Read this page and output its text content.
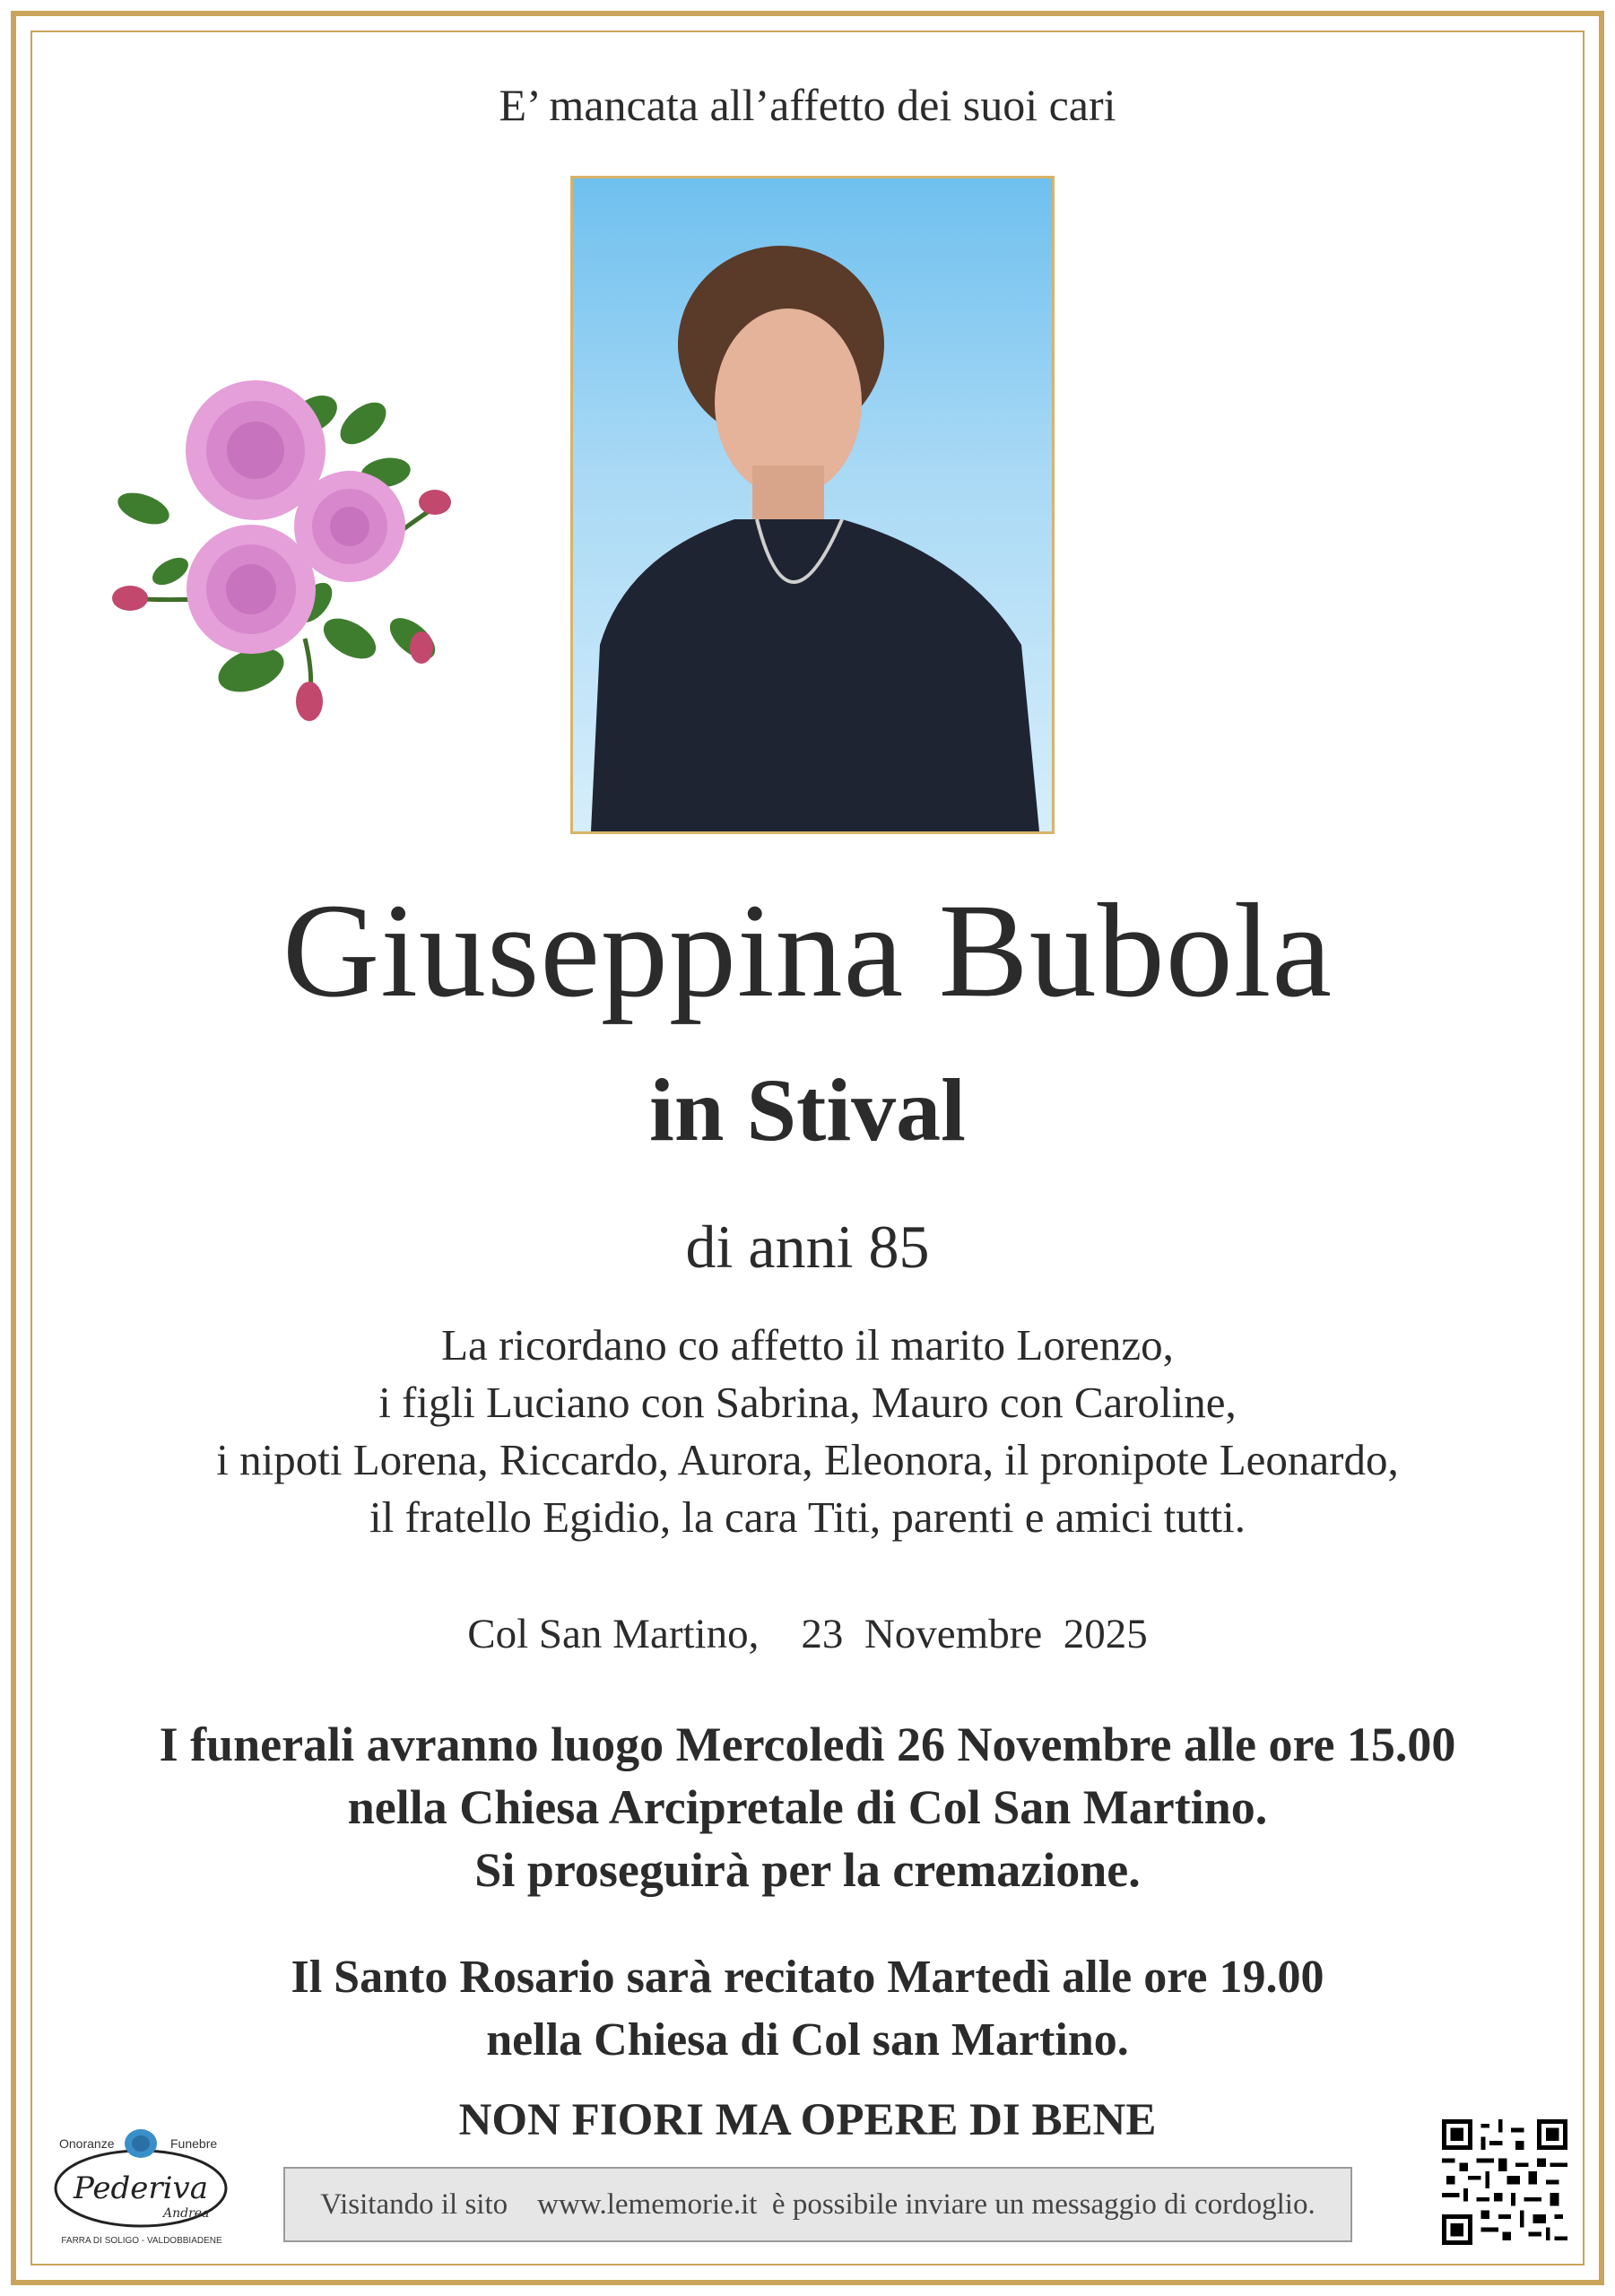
E’ mancata all’affetto dei suoi cari
Giuseppina Bubola
in Stival
di anni 85
La ricordano co affetto il marito Lorenzo,
i figli Luciano con Sabrina, Mauro con Caroline,
i nipoti Lorena, Riccardo, Aurora, Eleonora, il pronipote Leonardo,
il fratello Egidio, la cara Titi, parenti e amici tutti.
Col San Martino,    23  Novembre  2025
I funerali avranno luogo Mercoledì 26 Novembre alle ore 15.00
nella Chiesa Arcipretale di Col San Martino.
Si proseguirà per la cremazione.
Il Santo Rosario sarà recitato Martedì alle ore 19.00
nella Chiesa di Col san Martino.
NON FIORI MA OPERE DI BENE
Visitando il sito    www.lememorie.it  è possibile inviare un messaggio di cordoglio.
Onoranze	Funebre
Pederiva
Andrea
FARRA DI SOLIGO - VALDOBBIADENE
